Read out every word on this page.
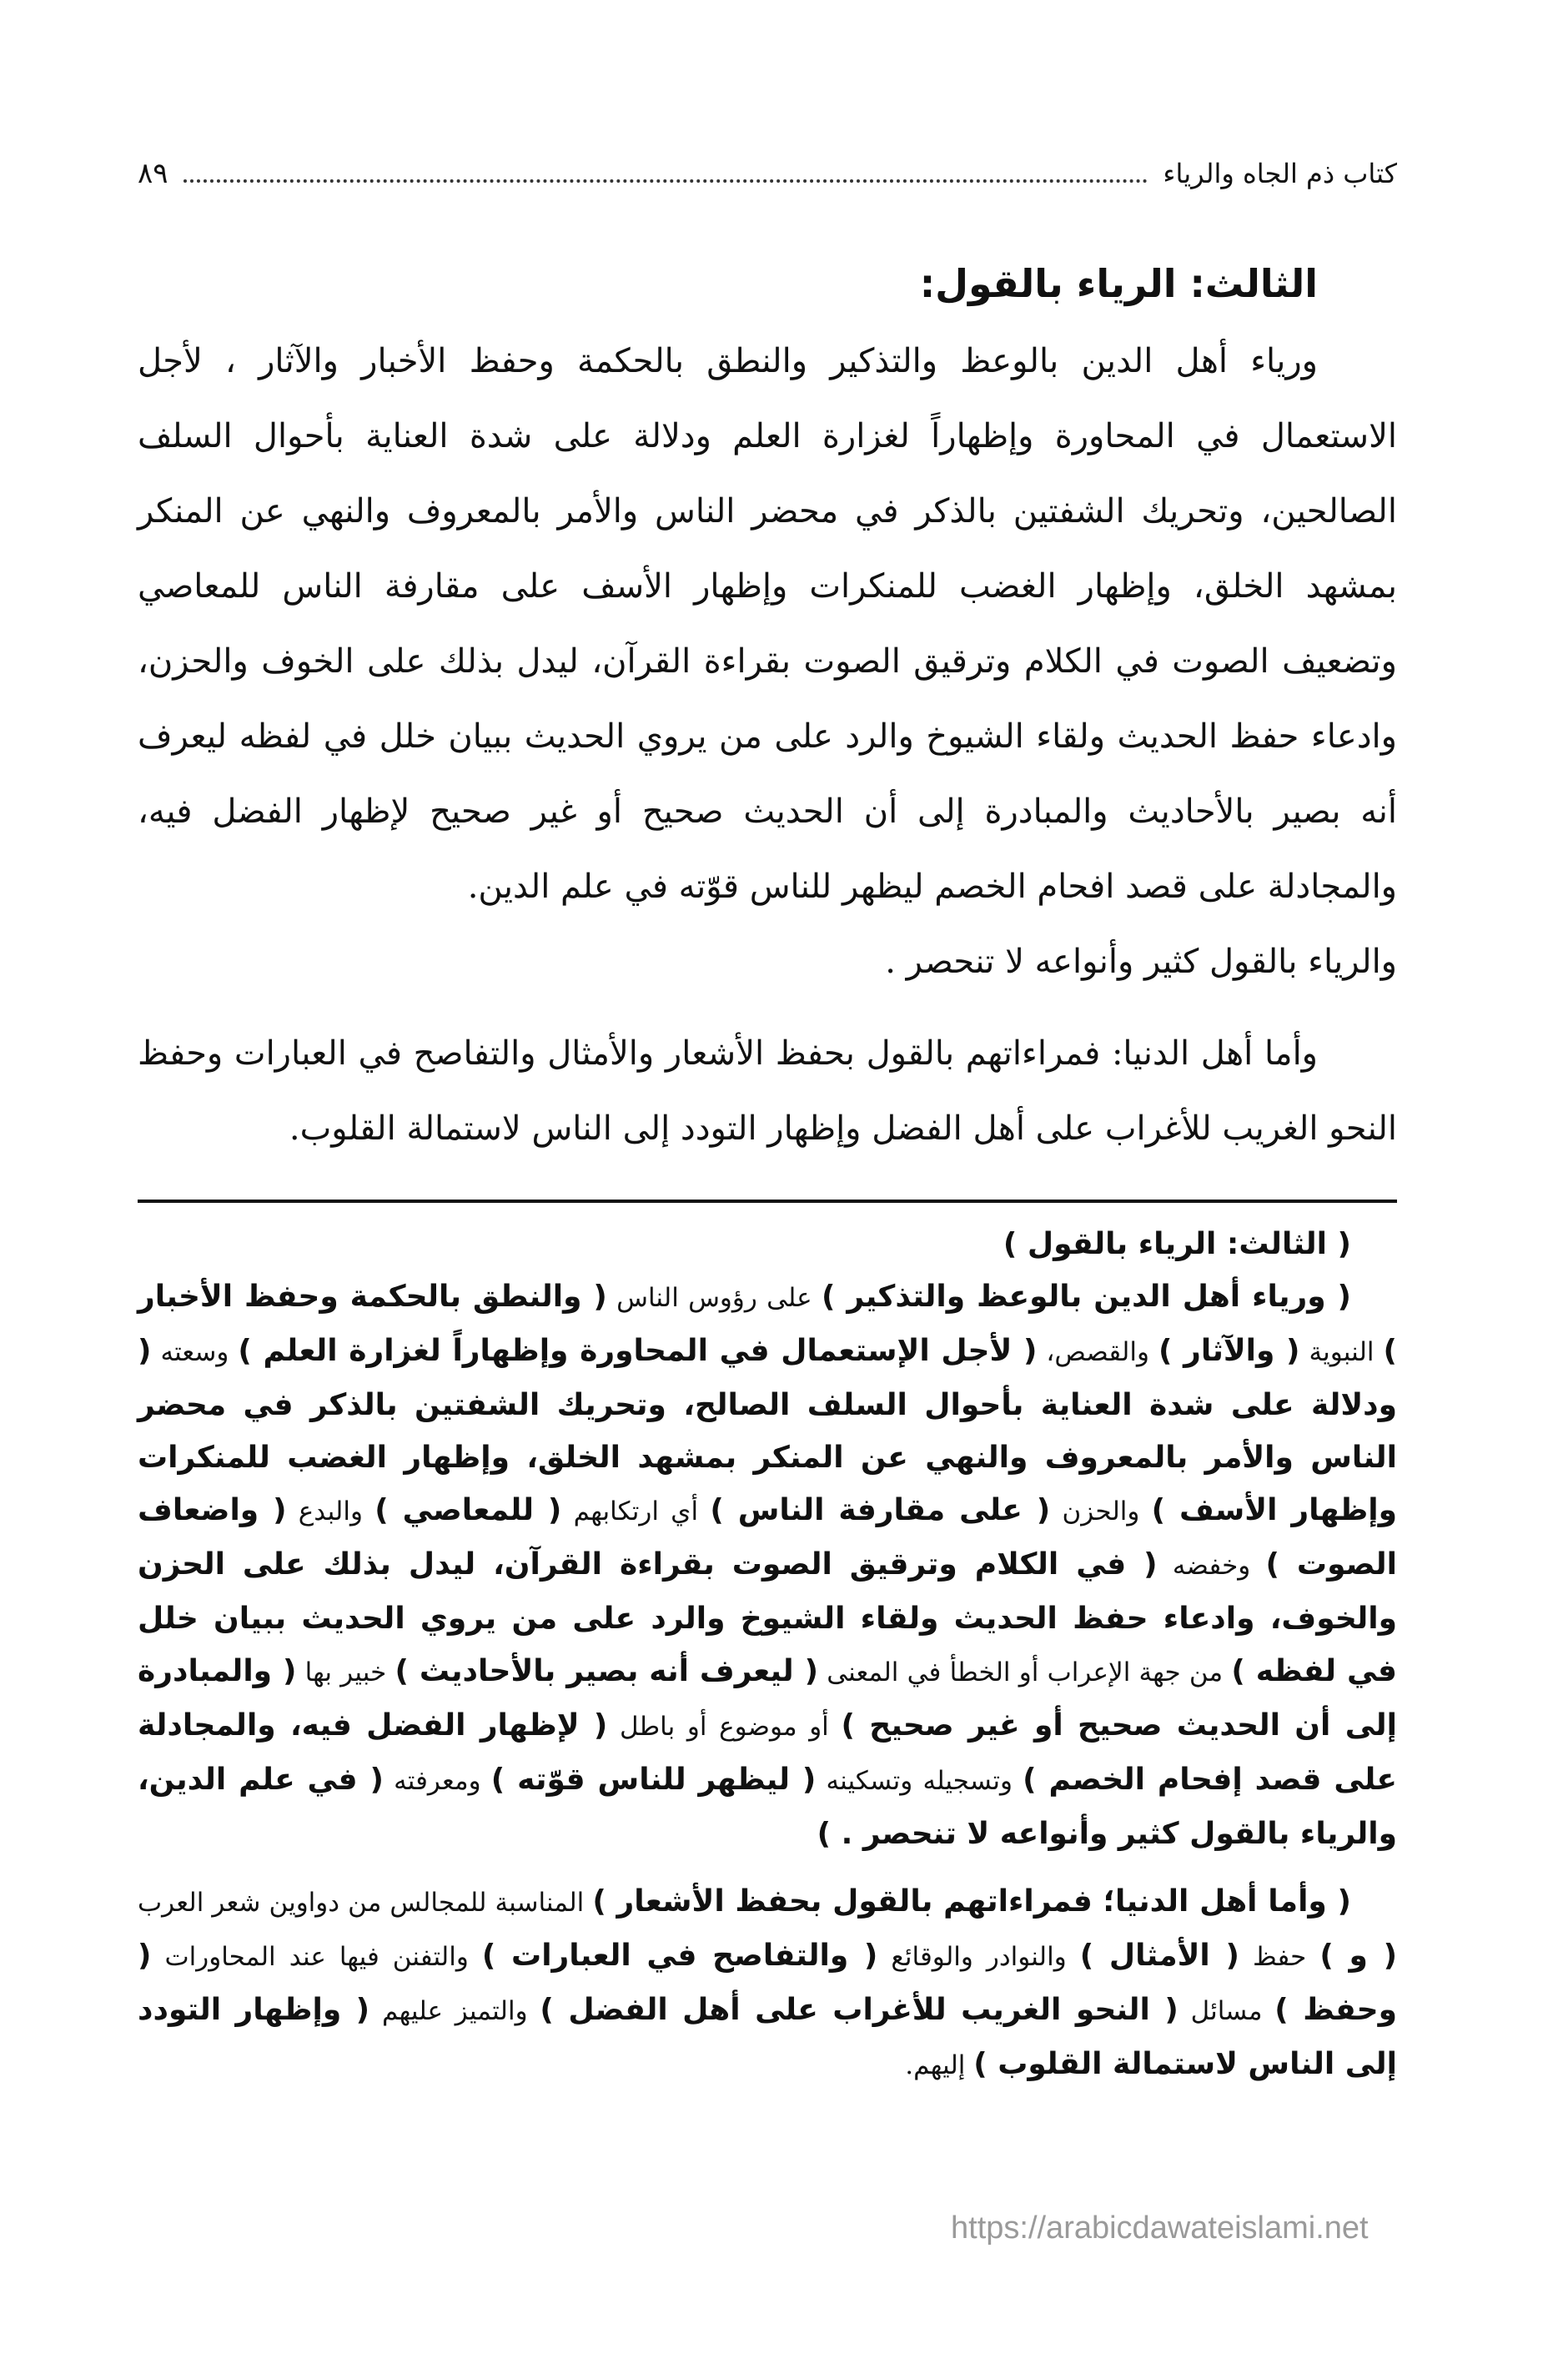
كتاب ذم الجاه والرياء
٨٩
الثالث: الرياء بالقول:

ورياء أهل الدين بالوعظ والتذكير والنطق بالحكمة وحفظ الأخبار والآثار ، لأجل الاستعمال في المحاورة وإظهاراً لغزارة العلم ودلالة على شدة العناية بأحوال السلف الصالحين، وتحريك الشفتين بالذكر في محضر الناس والأمر بالمعروف والنهي عن المنكر بمشهد الخلق، وإظهار الغضب للمنكرات وإظهار الأسف على مقارفة الناس للمعاصي وتضعيف الصوت في الكلام وترقيق الصوت بقراءة القرآن، ليدل بذلك على الخوف والحزن، وادعاء حفظ الحديث ولقاء الشيوخ والرد على من يروي الحديث ببيان خلل في لفظه ليعرف أنه بصير بالأحاديث والمبادرة إلى أن الحديث صحيح أو غير صحيح لإظهار الفضل فيه، والمجادلة على قصد افحام الخصم ليظهر للناس قوّته في علم الدين.

والرياء بالقول كثير وأنواعه لا تنحصر .

وأما أهل الدنيا: فمراءاتهم بالقول بحفظ الأشعار والأمثال والتفاصح في العبارات وحفظ النحو الغريب للأغراب على أهل الفضل وإظهار التودد إلى الناس لاستمالة القلوب.

( الثالث: الرياء بالقول )

( ورياء أهل الدين بالوعظ والتذكير ) على رؤوس الناس ( والنطق بالحكمة وحفظ الأخبار ) النبوية ( والآثار ) والقصص، ( لأجل الإستعمال في المحاورة وإظهاراً لغزارة العلم ) وسعته ( ودلالة على شدة العناية بأحوال السلف الصالح، وتحريك الشفتين بالذكر في محضر الناس والأمر بالمعروف والنهي عن المنكر بمشهد الخلق، وإظهار الغضب للمنكرات وإظهار الأسف ) والحزن ( على مقارفة الناس ) أي ارتكابهم ( للمعاصي ) والبدع ( واضعاف الصوت ) وخفضه ( في الكلام وترقيق الصوت بقراءة القرآن، ليدل بذلك على الحزن والخوف، وادعاء حفظ الحديث ولقاء الشيوخ والرد على من يروي الحديث ببيان خلل في لفظه ) من جهة الإعراب أو الخطأ في المعنى ( ليعرف أنه بصير بالأحاديث ) خبير بها ( والمبادرة إلى أن الحديث صحيح أو غير صحيح ) أو موضوع أو باطل ( لإظهار الفضل فيه، والمجادلة على قصد إفحام الخصم ) وتسجيله وتسكينه ( ليظهر للناس قوّته ) ومعرفته ( في علم الدين، والرياء بالقول كثير وأنواعه لا تنحصر . )

( وأما أهل الدنيا؛ فمراءاتهم بالقول بحفظ الأشعار ) المناسبة للمجالس من دواوين شعر العرب ( و ) حفظ ( الأمثال ) والنوادر والوقائع ( والتفاصح في العبارات ) والتفنن فيها عند المحاورات ( وحفظ ) مسائل ( النحو الغريب للأغراب على أهل الفضل ) والتميز عليهم ( وإظهار التودد إلى الناس لاستمالة القلوب ) إليهم.

https://arabicdawateislami.net
